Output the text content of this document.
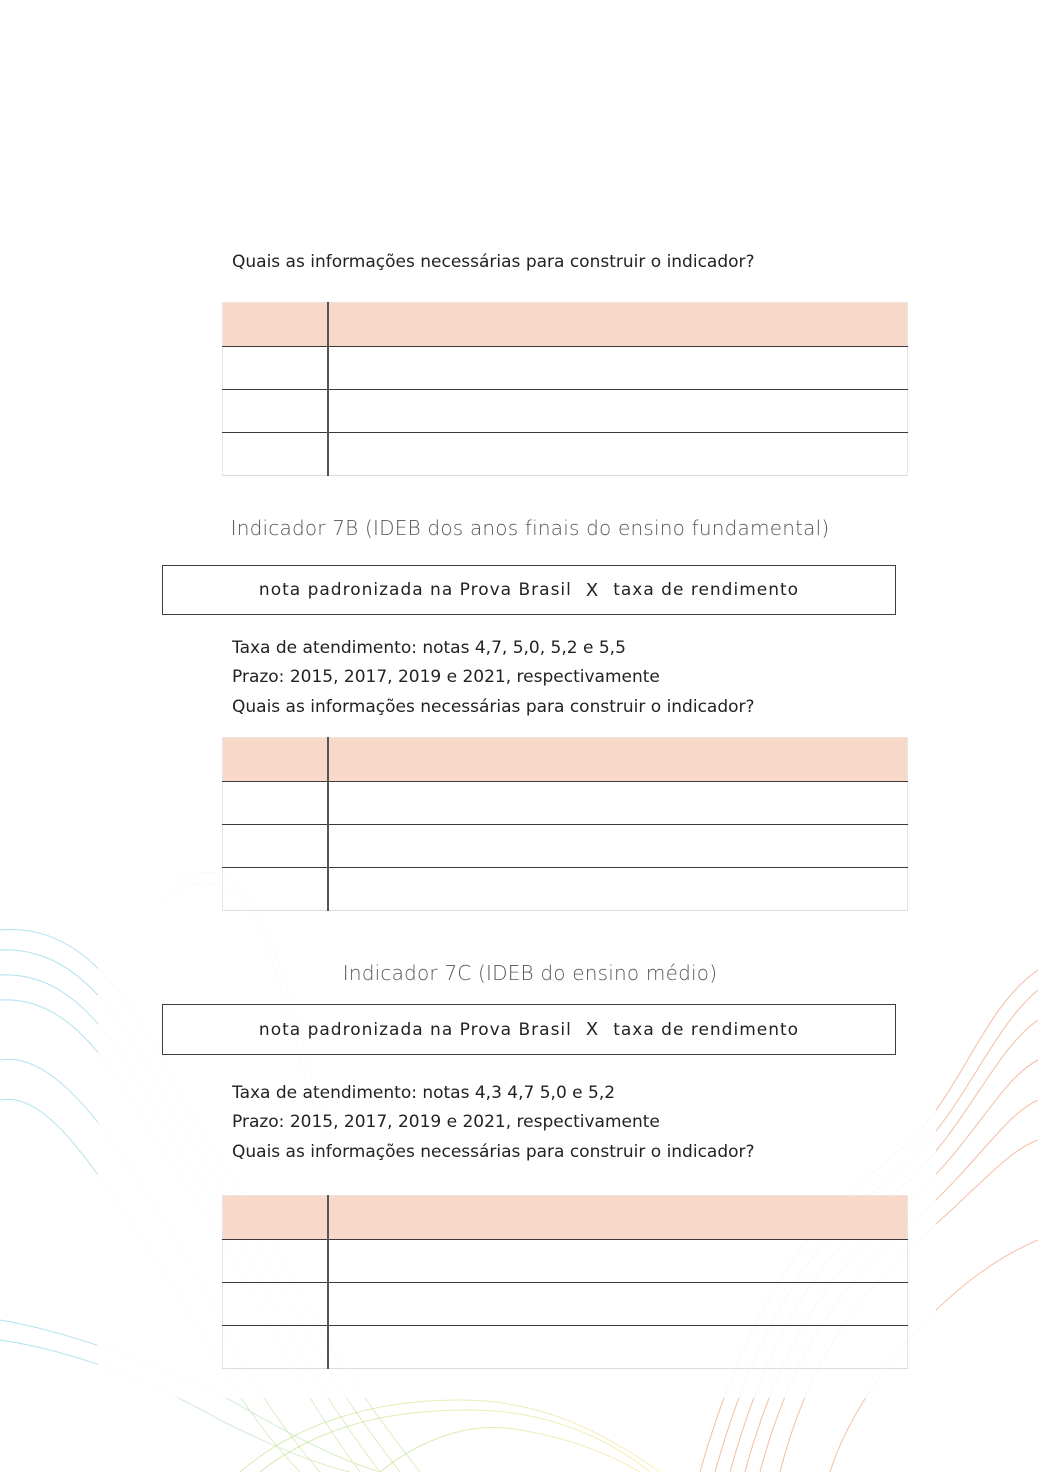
Quais as informações necessárias para construir o indicador?

Indicador 7B (IDEB dos anos finais do ensino fundamental)
nota padronizada na Prova Brasil X taxa de rendimento
Taxa de atendimento: notas 4,7, 5,0, 5,2 e 5,5
Prazo: 2015, 2017, 2019 e 2021, respectivamente
Quais as informações necessárias para construir o indicador?

Indicador 7C (IDEB do ensino médio)
nota padronizada na Prova Brasil X taxa de rendimento
Taxa de atendimento: notas 4,3 4,7 5,0 e 5,2
Prazo: 2015, 2017, 2019 e 2021, respectivamente
Quais as informações necessárias para construir o indicador?
